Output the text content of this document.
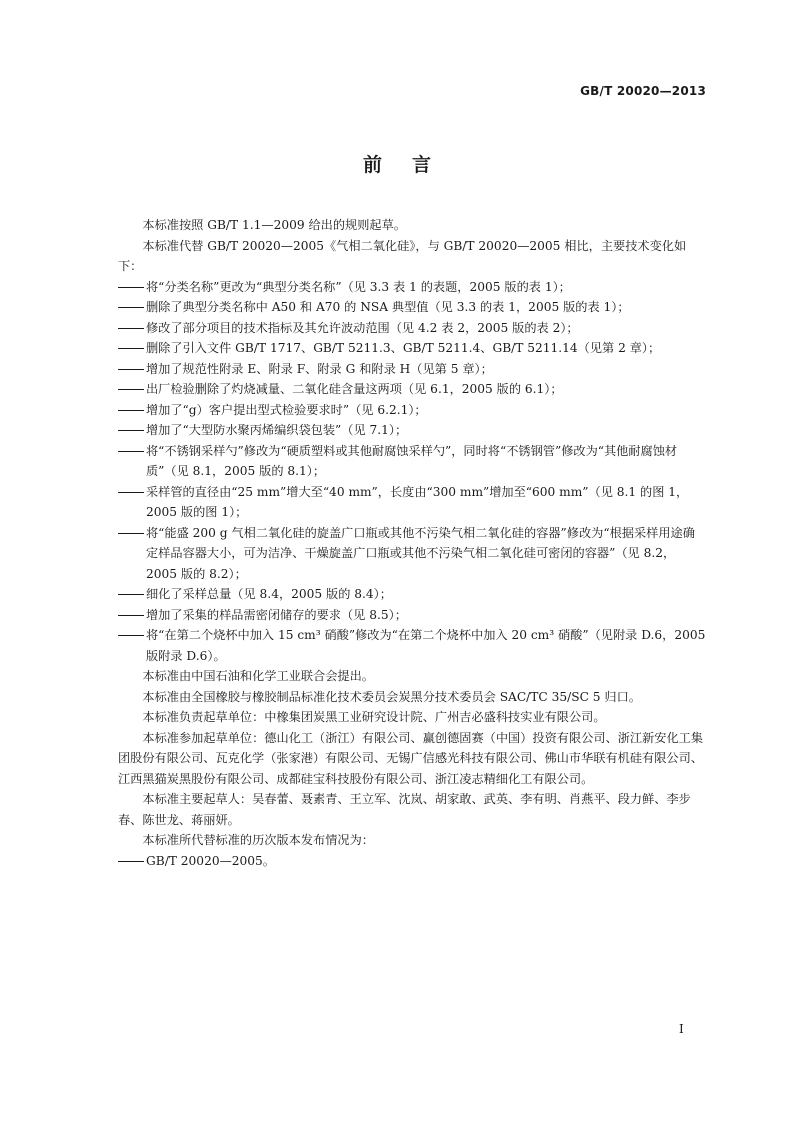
GB/T 20020—2013
前 言

本标准按照 GB/T 1.1—2009 给出的规则起草。

本标准代替 GB/T 20020—2005《气相二氧化硅》，与 GB/T 20020—2005 相比，主要技术变化如下：

将“分类名称”更改为“典型分类名称”（见 3.3 表 1 的表题，2005 版的表 1）；

删除了典型分类名称中 A50 和 A70 的 NSA 典型值（见 3.3 的表 1，2005 版的表 1）；

修改了部分项目的技术指标及其允许波动范围（见 4.2 表 2，2005 版的表 2）；

删除了引入文件 GB/T 1717、GB/T 5211.3、GB/T 5211.4、GB/T 5211.14（见第 2 章）；

增加了规范性附录 E、附录 F、附录 G 和附录 H（见第 5 章）；

出厂检验删除了灼烧减量、二氧化硅含量这两项（见 6.1，2005 版的 6.1）；

增加了“g）客户提出型式检验要求时”（见 6.2.1）；

增加了“大型防水聚丙烯编织袋包装”（见 7.1）；

将“不锈钢采样勺”修改为“硬质塑料或其他耐腐蚀采样勺”，同时将“不锈钢管”修改为“其他耐腐蚀材质”（见 8.1，2005 版的 8.1）；

采样管的直径由“25 mm”增大至“40 mm”，长度由“300 mm”增加至“600 mm”（见 8.1 的图 1，2005 版的图 1）；

将“能盛 200 g 气相二氧化硅的旋盖广口瓶或其他不污染气相二氧化硅的容器”修改为“根据采样用途确定样品容器大小，可为洁净、干燥旋盖广口瓶或其他不污染气相二氧化硅可密闭的容器”（见 8.2，2005 版的 8.2）；

细化了采样总量（见 8.4，2005 版的 8.4）；

增加了采集的样品需密闭储存的要求（见 8.5）；

将“在第二个烧杯中加入 15 cm³ 硝酸”修改为“在第二个烧杯中加入 20 cm³ 硝酸”（见附录 D.6，2005 版附录 D.6）。

本标准由中国石油和化学工业联合会提出。

本标准由全国橡胶与橡胶制品标准化技术委员会炭黑分技术委员会 SAC/TC 35/SC 5 归口。

本标准负责起草单位：中橡集团炭黑工业研究设计院、广州吉必盛科技实业有限公司。

本标准参加起草单位：德山化工（浙江）有限公司、赢创德固赛（中国）投资有限公司、浙江新安化工集团股份有限公司、瓦克化学（张家港）有限公司、无锡广信感光科技有限公司、佛山市华联有机硅有限公司、江西黑猫炭黑股份有限公司、成都硅宝科技股份有限公司、浙江凌志精细化工有限公司。

本标准主要起草人：吴春蕾、聂素青、王立军、沈岚、胡家敢、武英、李有明、肖燕平、段力鲜、李步春、陈世龙、蒋丽妍。

本标准所代替标准的历次版本发布情况为：

GB/T 20020—2005。

I
